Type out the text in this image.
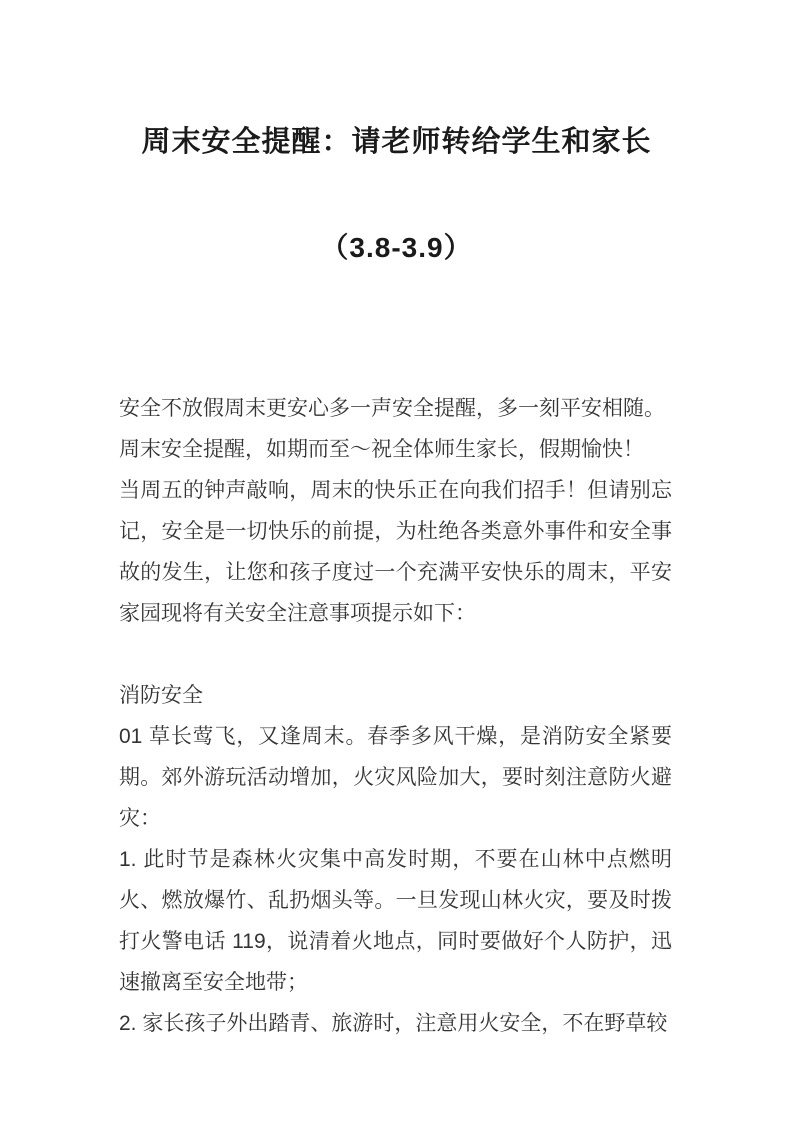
周末安全提醒：请老师转给学生和家长
（3.8-3.9）

安全不放假周末更安心多一声安全提醒，多一刻平安相随。

周末安全提醒，如期而至～祝全体师生家长，假期愉快！

当周五的钟声敲响，周末的快乐正在向我们招手！但请别忘记，安全是一切快乐的前提，为杜绝各类意外事件和安全事故的发生，让您和孩子度过一个充满平安快乐的周末，平安家园现将有关安全注意事项提示如下：

消防安全

01 草长莺飞，又逢周末。春季多风干燥，是消防安全紧要期。郊外游玩活动增加，火灾风险加大，要时刻注意防火避灾：

1. 此时节是森林火灾集中高发时期，不要在山林中点燃明火、燃放爆竹、乱扔烟头等。一旦发现山林火灾，要及时拨打火警电话 119，说清着火地点，同时要做好个人防护，迅速撤离至安全地带；

2. 家长孩子外出踏青、旅游时，注意用火安全，不在野草较
